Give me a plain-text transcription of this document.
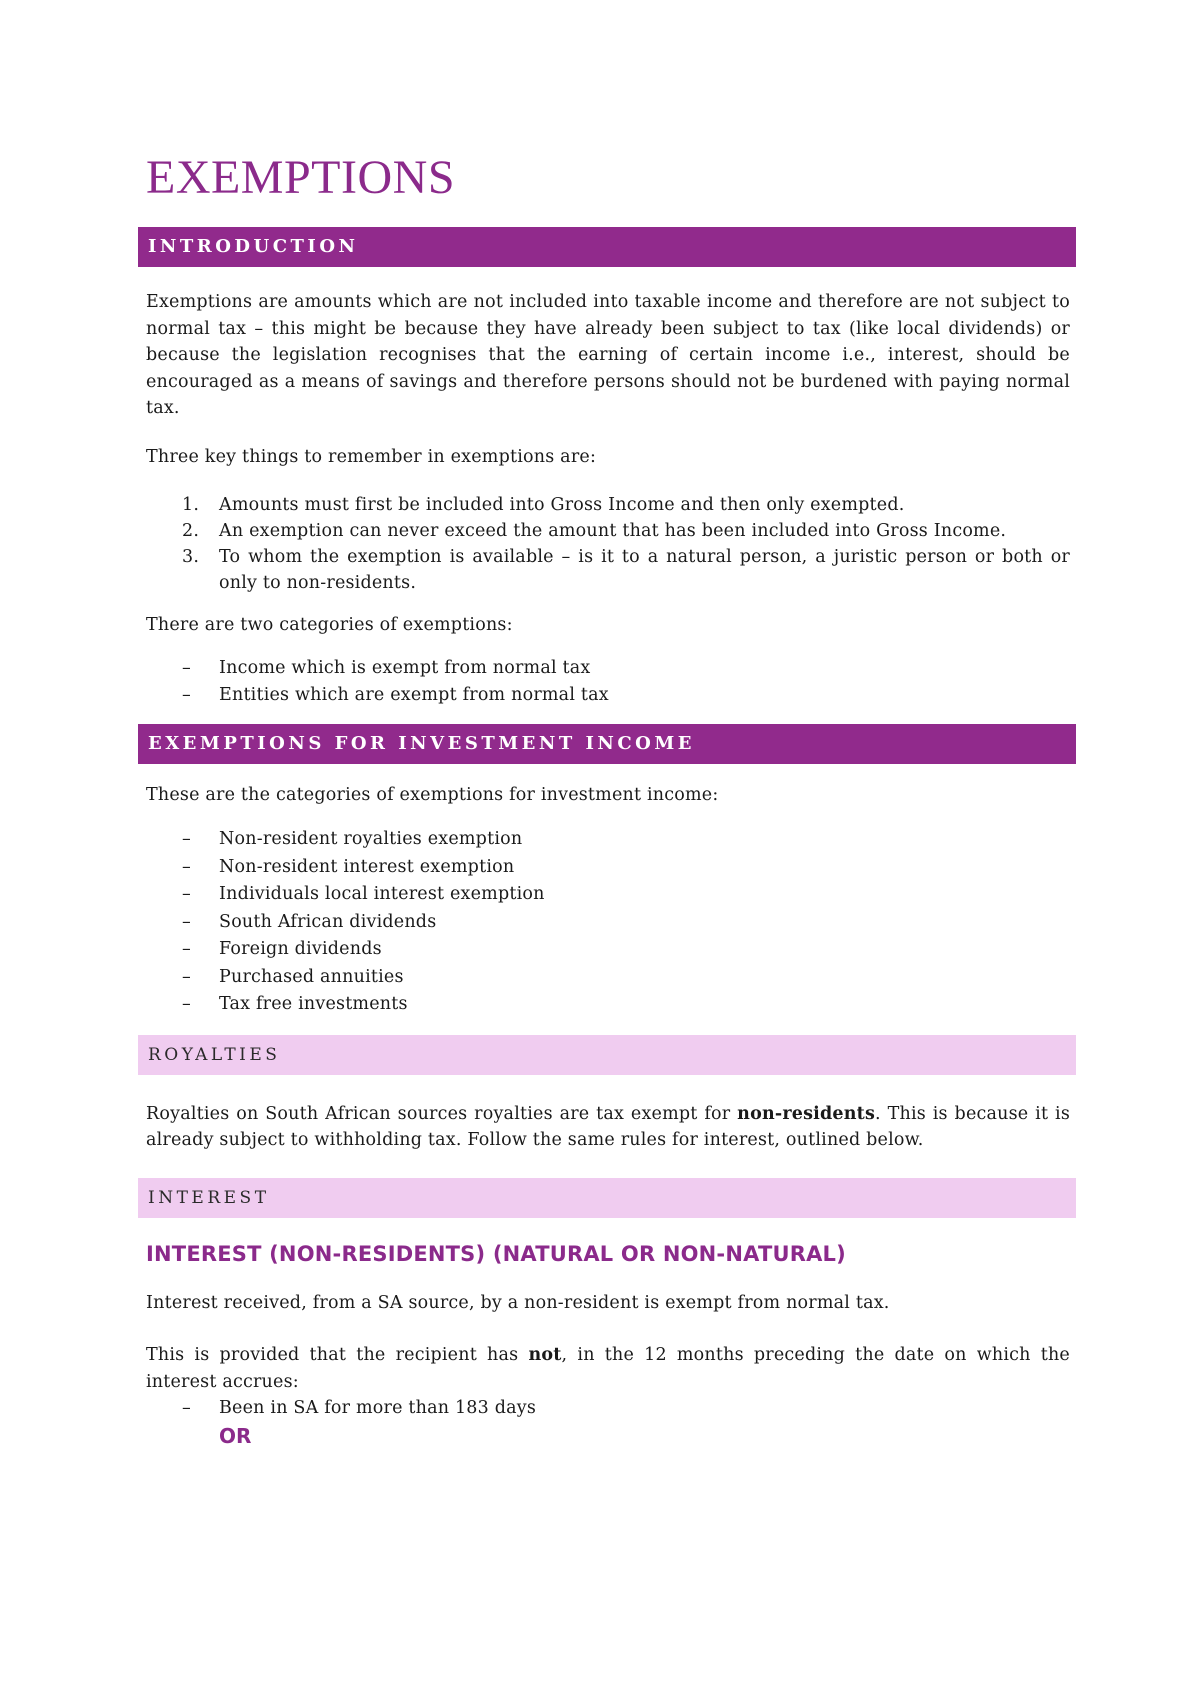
EXEMPTIONS
INTRODUCTION

Exemptions are amounts which are not included into taxable income and therefore are not subject to normal tax – this might be because they have already been subject to tax (like local dividends) or because the legislation recognises that the earning of certain income i.e., interest, should be encouraged as a means of savings and therefore persons should not be burdened with paying normal tax.

Three key things to remember in exemptions are:

1. Amounts must first be included into Gross Income and then only exempted.
2. An exemption can never exceed the amount that has been included into Gross Income.
3. To whom the exemption is available – is it to a natural person, a juristic person or both or only to non-residents.

There are two categories of exemptions:

– Income which is exempt from normal tax
– Entities which are exempt from normal tax
EXEMPTIONS FOR INVESTMENT INCOME

These are the categories of exemptions for investment income:

– Non-resident royalties exemption
– Non-resident interest exemption
– Individuals local interest exemption
– South African dividends
– Foreign dividends
– Purchased annuities
– Tax free investments
ROYALTIES

Royalties on South African sources royalties are tax exempt for non-residents. This is because it is already subject to withholding tax. Follow the same rules for interest, outlined below.

INTEREST
INTEREST (NON-RESIDENTS) (NATURAL OR NON-NATURAL)

Interest received, from a SA source, by a non-resident is exempt from normal tax.

This is provided that the recipient has not, in the 12 months preceding the date on which the interest accrues:

– Been in SA for more than 183 days
OR
